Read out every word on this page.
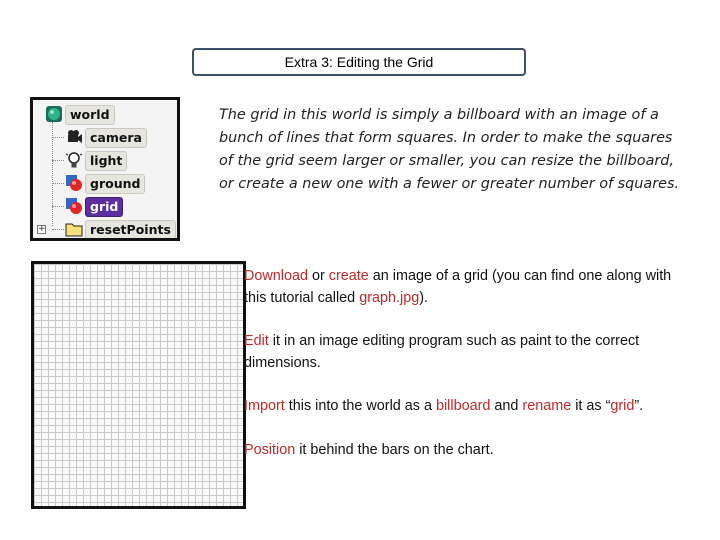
Extra 3: Editing the Grid
world
camera
light
ground
grid
+	resetPoints
The grid in this world is simply a billboard with an image of a bunch of lines that form squares. In order to make the squares of the grid seem larger or smaller, you can resize the billboard, or create a new one with a fewer or greater number of squares.
Download or create an image of a grid (you can find one along with this tutorial called graph.jpg).
Edit it in an image editing program such as paint to the correct dimensions.
Import this into the world as a billboard and rename it as “grid”.
Position it behind the bars on the chart.
